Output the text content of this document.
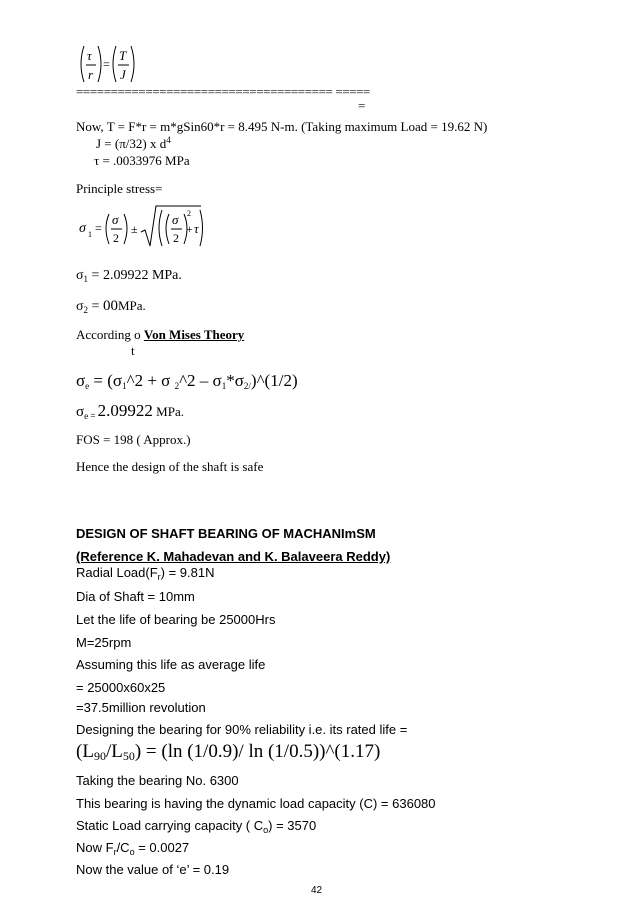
τ
r
=
T
J
===================================== =====
=
Now, T = F*r = m*gSin60*r = 8.495 N-m. (Taking maximum Load = 19.62 N)
J = (π/32) x $d^4$
τ = .0033976 MPa
Principle stress=
σ 1 =
σ
2
±
σ
2
2
+ τ
$\sigma_1 = 2.09922$ MPa.
$\sigma_2 = 00MPa$.
According o Von Mises Theory
t
$\sigma_e$ = ($\sigma_1\^{}2 + \sigma$ $_2$^2 – $\sigma_1*\sigma_{2/})\^{}(1/2)$
$\sigma_{e =}$ 2.09922 MPa.
FOS = 198 ( Approx.)
Hence the design of the shaft is safe
DESIGN OF SHAFT BEARING OF MACHANImSM
(Reference K. Mahadevan and K. Balaveera Reddy)
Radial $Load(F_r) = 9.81N$
Dia of Shaft = 10mm
Let the life of bearing be 25000Hrs
M=25rpm
Assuming this life as average life
= 25000x60x25
=37.5million revolution
Designing the bearing for 90% reliability i.e. its rated life =
$(L_{90}/L_{50}) = (\ln$ (1/0.9)/ ln (1/0.5))^(1.17)
Taking the bearing No. 6300
This bearing is having the dynamic load capacity (C) = 636080
Static Load carrying capacity ( $C_o) = 3570$
Now $F_r/C_o = 0.0027$
Now the value of ‘e’ = 0.19
42
